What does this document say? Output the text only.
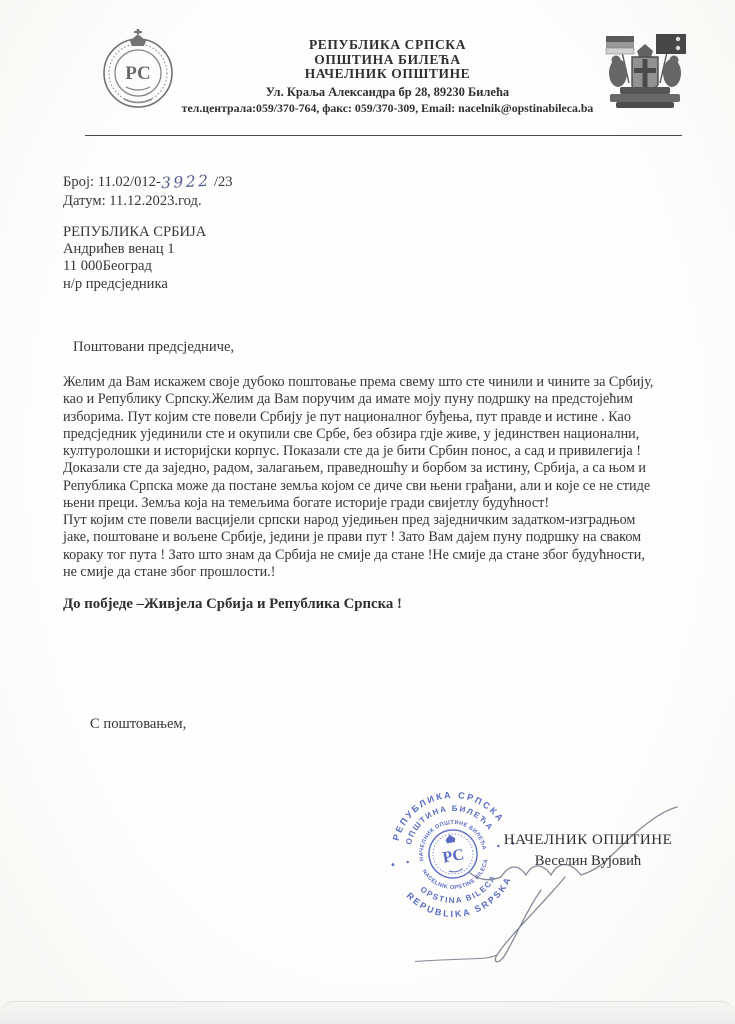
РС
РЕПУБЛИКА СРПСКА
ОПШТИНА БИЛЕЋА
НАЧЕЛНИК ОПШТИНЕ
Ул. Краља Александра бр 28, 89230 Билећа
тел.централа:059/370-764, факс: 059/370-309, Email: nacelnik@opstinabileca.ba
Број: 11.02/012-3922 /23
Датум: 11.12.2023.год.
РЕПУБЛИКА СРБИЈА
Андрићев венац 1
11 000Београд
н/р предсједника
Поштовани предсједниче,
Желим да Вам искажем своје дубоко поштовање према свему што сте чинили и чините за Србију,
као и Републику Српску.Желим да Вам поручим да имате моју пуну подршку на предстојећим
изборима. Пут којим сте повели Србију је пут националног буђења, пут правде и истине . Као
предсједник ујединили сте и окупили све Србе, без обзира гдје живе, у јединствен национални,
културолошки и историјски корпус. Показали сте да је бити Србин понос, а сад и привилегија !
Доказали сте да заједно, радом, залагањем, праведношћу и борбом за истину, Србија, а са њом и
Република Српска може да постане земља којом се диче сви њени грађани, али и које се не стиде
њени преци. Земља која на темељима богате историје гради свијетлу будућност!
Пут којим сте повели васцијели српски народ уједињен пред заједничким задатком-изградњом
јаке, поштоване и вољене Србије, једини је прави пут ! Зато Вам дајем пуну подршку на сваком
кораку тог пута ! Зато што знам да Србија не смије да стане !Не смије да стане због будућности,
не смије да стане због прошлости.!
До побједе –Живјела Србија и Република Српска !
С поштовањем,
РЕПУБЛИКА СРПСКА
REPUBLIKA SRPSKA
ОПШТИНА БИЛЕЋА
OPSTINA BILECA
НАЧЕЛНИК ОПШТИНЕ БИЛЕЋА
NACELNIK OPSTINE BILECA
РС
НАЧЕЛНИК ОПШТИНЕ
Веселин Вујовић
